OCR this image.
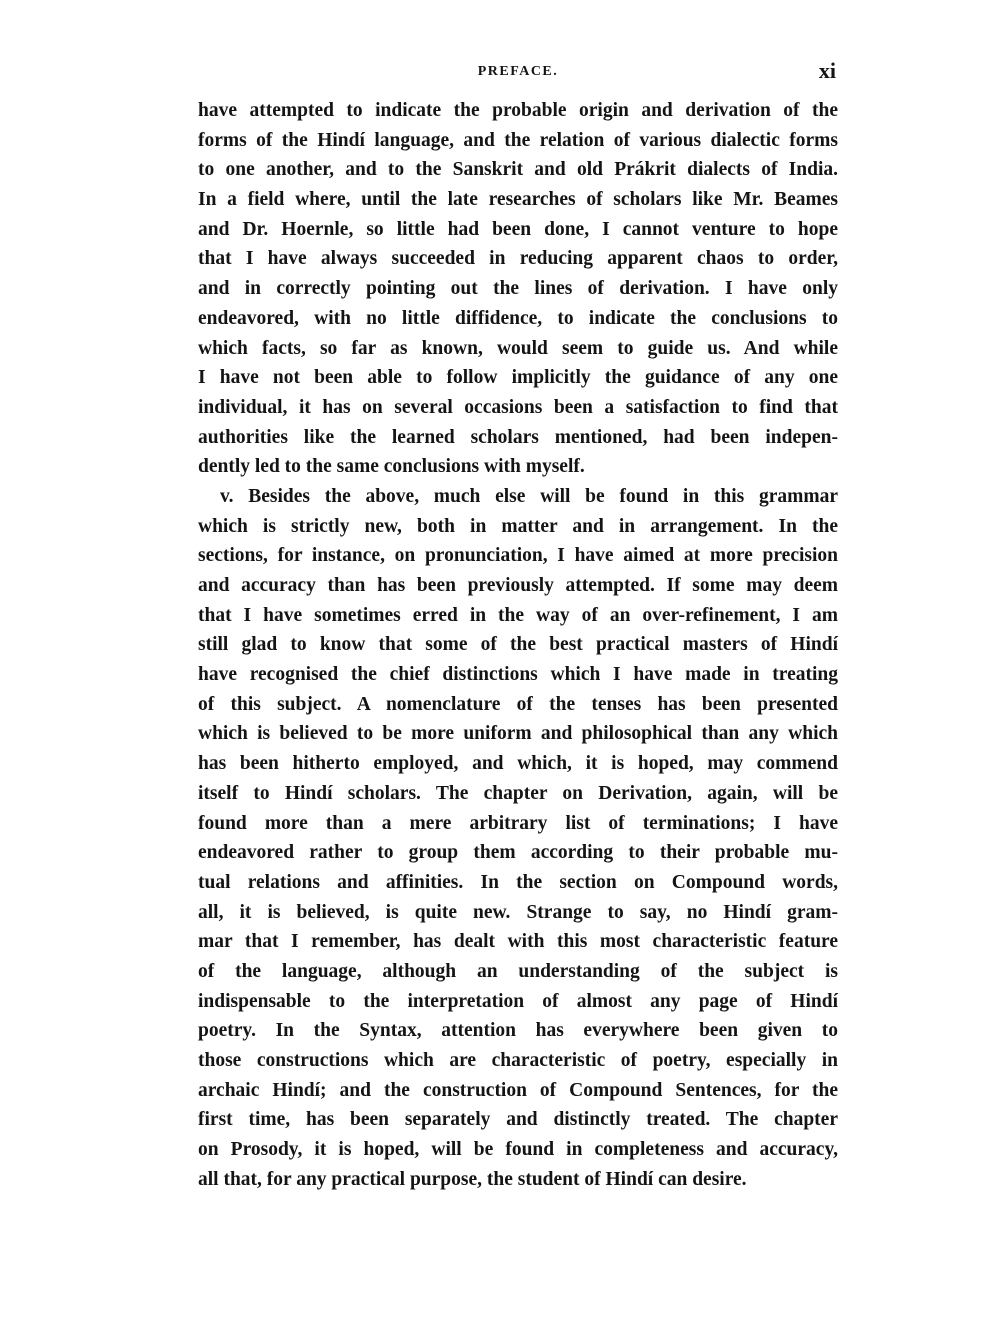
PREFACE.	xi
have attempted to indicate the probable origin and derivation of the
forms of the Hindí language, and the relation of various dialectic forms
to one another, and to the Sanskrit and old Prákrit dialects of India.
In a field where, until the late researches of scholars like Mr. Beames
and Dr. Hoernle, so little had been done, I cannot venture to hope
that I have always succeeded in reducing apparent chaos to order,
and in correctly pointing out the lines of derivation. I have only
endeavored, with no little diffidence, to indicate the conclusions to
which facts, so far as known, would seem to guide us. And while
I have not been able to follow implicitly the guidance of any one
individual, it has on several occasions been a satisfaction to find that
authorities like the learned scholars mentioned, had been indepen-
dently led to the same conclusions with myself.
v. Besides the above, much else will be found in this grammar
which is strictly new, both in matter and in arrangement. In the
sections, for instance, on pronunciation, I have aimed at more precision
and accuracy than has been previously attempted. If some may deem
that I have sometimes erred in the way of an over-refinement, I am
still glad to know that some of the best practical masters of Hindí
have recognised the chief distinctions which I have made in treating
of this subject. A nomenclature of the tenses has been presented
which is believed to be more uniform and philosophical than any which
has been hitherto employed, and which, it is hoped, may commend
itself to Hindí scholars. The chapter on Derivation, again, will be
found more than a mere arbitrary list of terminations; I have
endeavored rather to group them according to their probable mu-
tual relations and affinities. In the section on Compound words,
all, it is believed, is quite new. Strange to say, no Hindí gram-
mar that I remember, has dealt with this most characteristic feature
of the language, although an understanding of the subject is
indispensable to the interpretation of almost any page of Hindí
poetry. In the Syntax, attention has everywhere been given to
those constructions which are characteristic of poetry, especially in
archaic Hindí; and the construction of Compound Sentences, for the
first time, has been separately and distinctly treated. The chapter
on Prosody, it is hoped, will be found in completeness and accuracy,
all that, for any practical purpose, the student of Hindí can desire.
